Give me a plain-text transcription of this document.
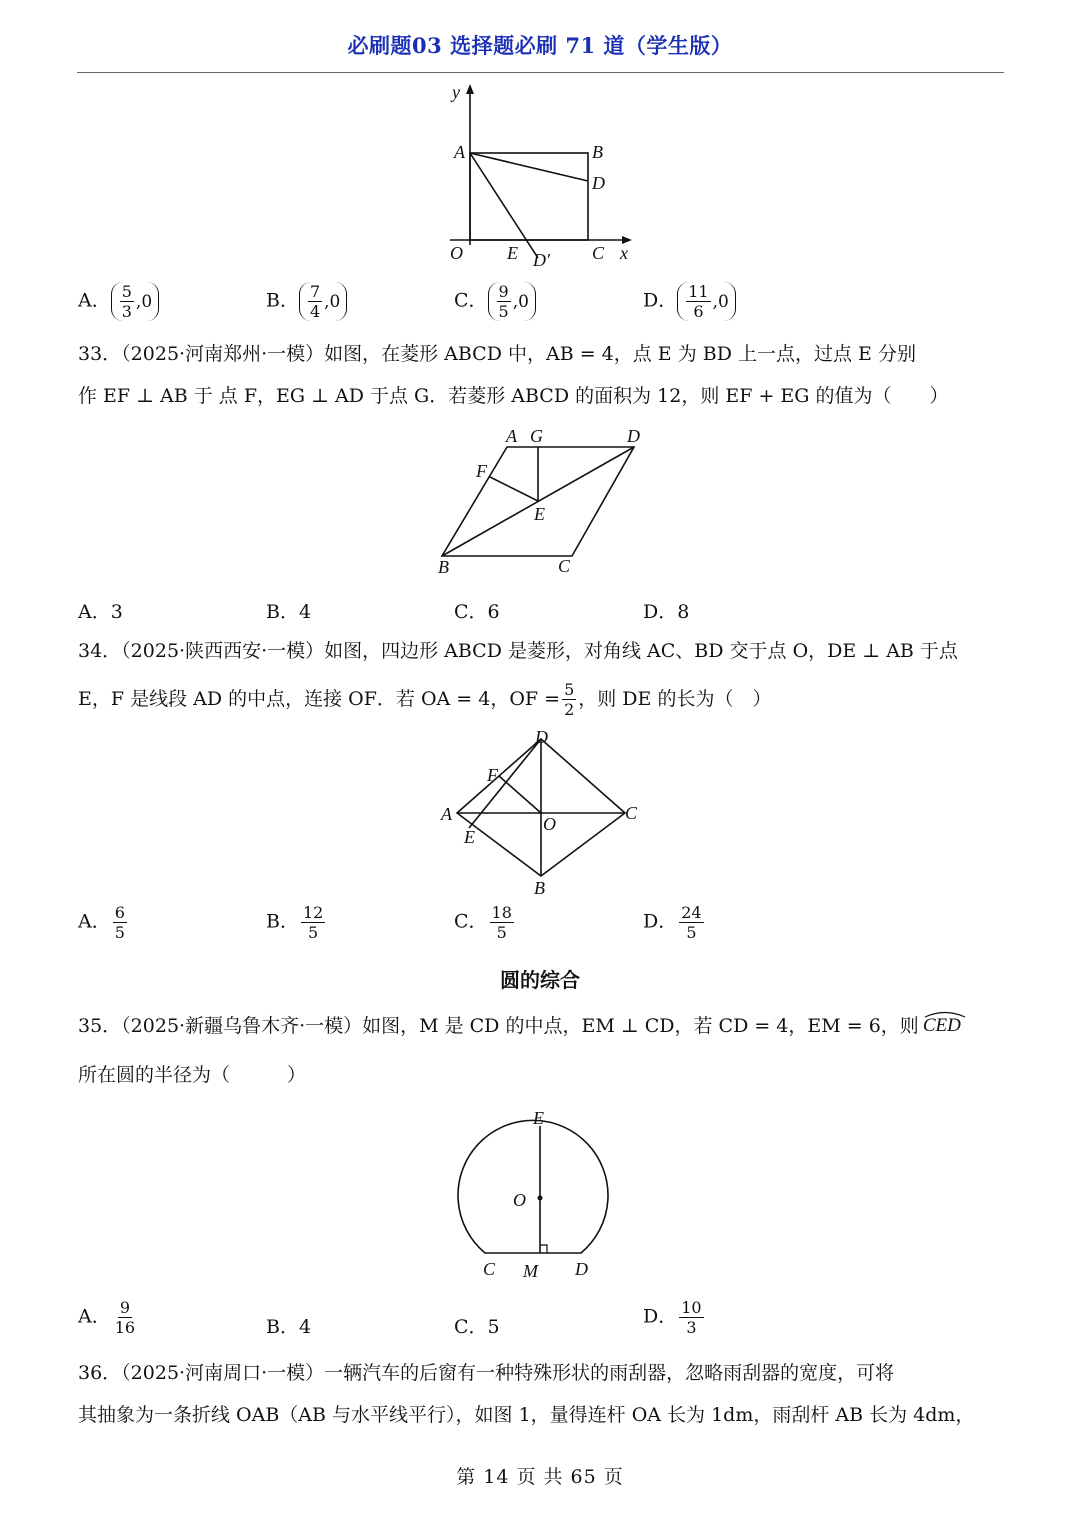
必刷题03 选择题必刷 71 道（学生版）
y
A	B
D
O E D′ C x
A． $\frac{5}{3} ,0$	B． $\frac{7}{4} ,0$	C． $\frac{9}{5} ,0$	D． $\frac{11}{6} ,0$
33．（2025·河南郑州·一模）如图，在菱形 ABCD 中，AB = 4，点 E 为 BD 上一点，过点 E 分别
作 EF ⊥ AB 于 点 F，EG ⊥ AD 于点 G．若菱形 ABCD 的面积为 12，则 EF + EG 的值为（　　）
A G	D
F
E
B	C
A．3	B．4	C．6	D．8
34．（2025·陕西西安·一模）如图，四边形 ABCD 是菱形，对角线 AC、BD 交于点 O，DE ⊥ AB 于点
E，F 是线段 AD 的中点，连接 OF．若 OA = 4，OF = $\frac{5}{2}$ ，则 DE 的长为（　）
D
F
A	O
C
E
B
A． $\frac{6}{5}$	B． $\frac{12}{5}$	C． $\frac{18}{5}$	D． $\frac{24}{5}$
圆的综合
35．（2025·新疆乌鲁木齐·一模）如图，M 是 CD 的中点，EM ⊥ CD，若 CD = 4，EM = 6，则 CED
所在圆的半径为（　　　）
E
O
C M D
A． $\frac{9}{16}$	B．4	C．5	D． $\frac{10}{3}$
36．（2025·河南周口·一模）一辆汽车的后窗有一种特殊形状的雨刮器，忽略雨刮器的宽度，可将
其抽象为一条折线 OAB（AB 与水平线平行），如图 1，量得连杆 OA 长为 1dm，雨刮杆 AB 长为 4dm，
第 14 页 共 65 页
